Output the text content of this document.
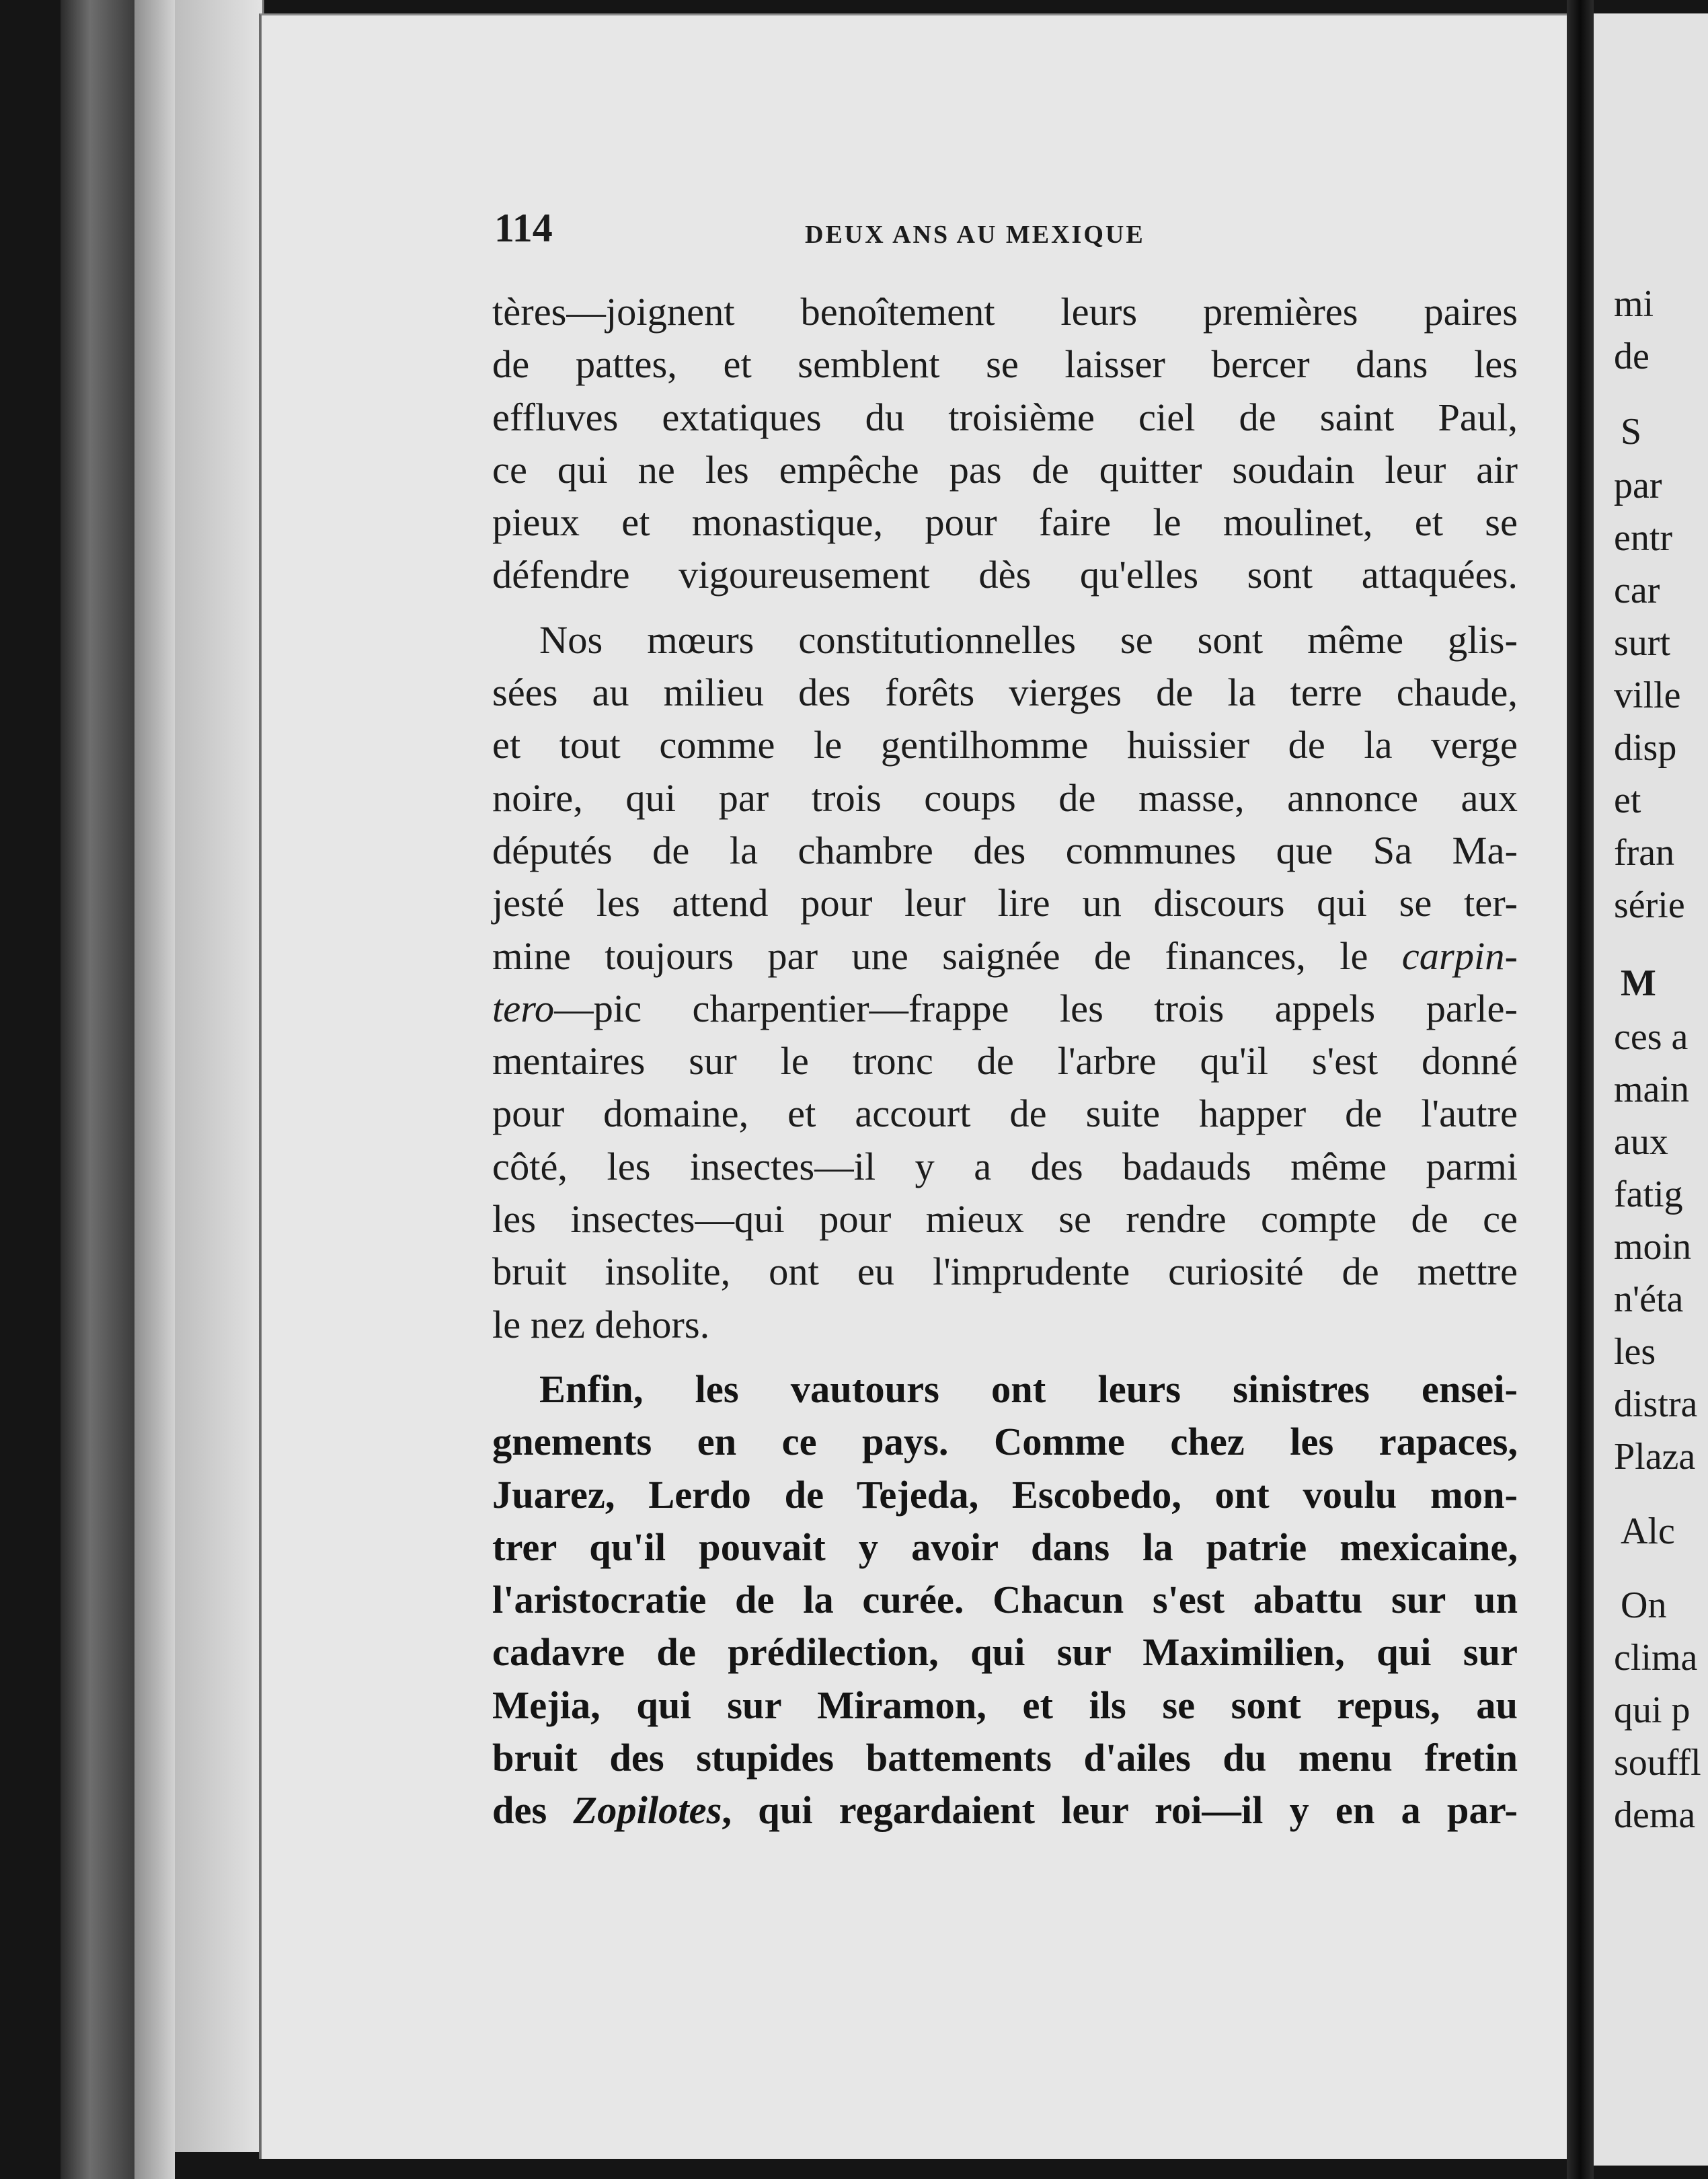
114	DEUX ANS AU MEXIQUE

tères—joignent benoîtement leurs premières paires
de pattes, et semblent se laisser bercer dans les
effluves extatiques du troisième ciel de saint Paul,
ce qui ne les empêche pas de quitter soudain leur air
pieux et monastique, pour faire le moulinet, et se
défendre vigoureusement dès qu'elles sont attaquées.

Nos mœurs constitutionnelles se sont même glis-
sées au milieu des forêts vierges de la terre chaude,
et tout comme le gentilhomme huissier de la verge
noire, qui par trois coups de masse, annonce aux
députés de la chambre des communes que Sa Ma-
jesté les attend pour leur lire un discours qui se ter-
mine toujours par une saignée de finances, le carpin-
tero—pic charpentier—frappe les trois appels parle-
mentaires sur le tronc de l'arbre qu'il s'est donné
pour domaine, et accourt de suite happer de l'autre
côté, les insectes—il y a des badauds même parmi
les insectes—qui pour mieux se rendre compte de ce
bruit insolite, ont eu l'imprudente curiosité de mettre
le nez dehors.

Enfin, les vautours ont leurs sinistres ensei-
gnements en ce pays. Comme chez les rapaces,
Juarez, Lerdo de Tejeda, Escobedo, ont voulu mon-
trer qu'il pouvait y avoir dans la patrie mexicaine,
l'aristocratie de la curée. Chacun s'est abattu sur un
cadavre de prédilection, qui sur Maximilien, qui sur
Mejia, qui sur Miramon, et ils se sont repus, au
bruit des stupides battements d'ailes du menu fretin
des Zopilotes, qui regardaient leur roi—il y en a par-

mi
de
S
par
entr
car
surt
ville
disp
et
fran
série
M
ces a
main
aux
fatig
moin
n'éta
les
distra
Plaza
Alc
On
clima
qui p
souffl
dema
